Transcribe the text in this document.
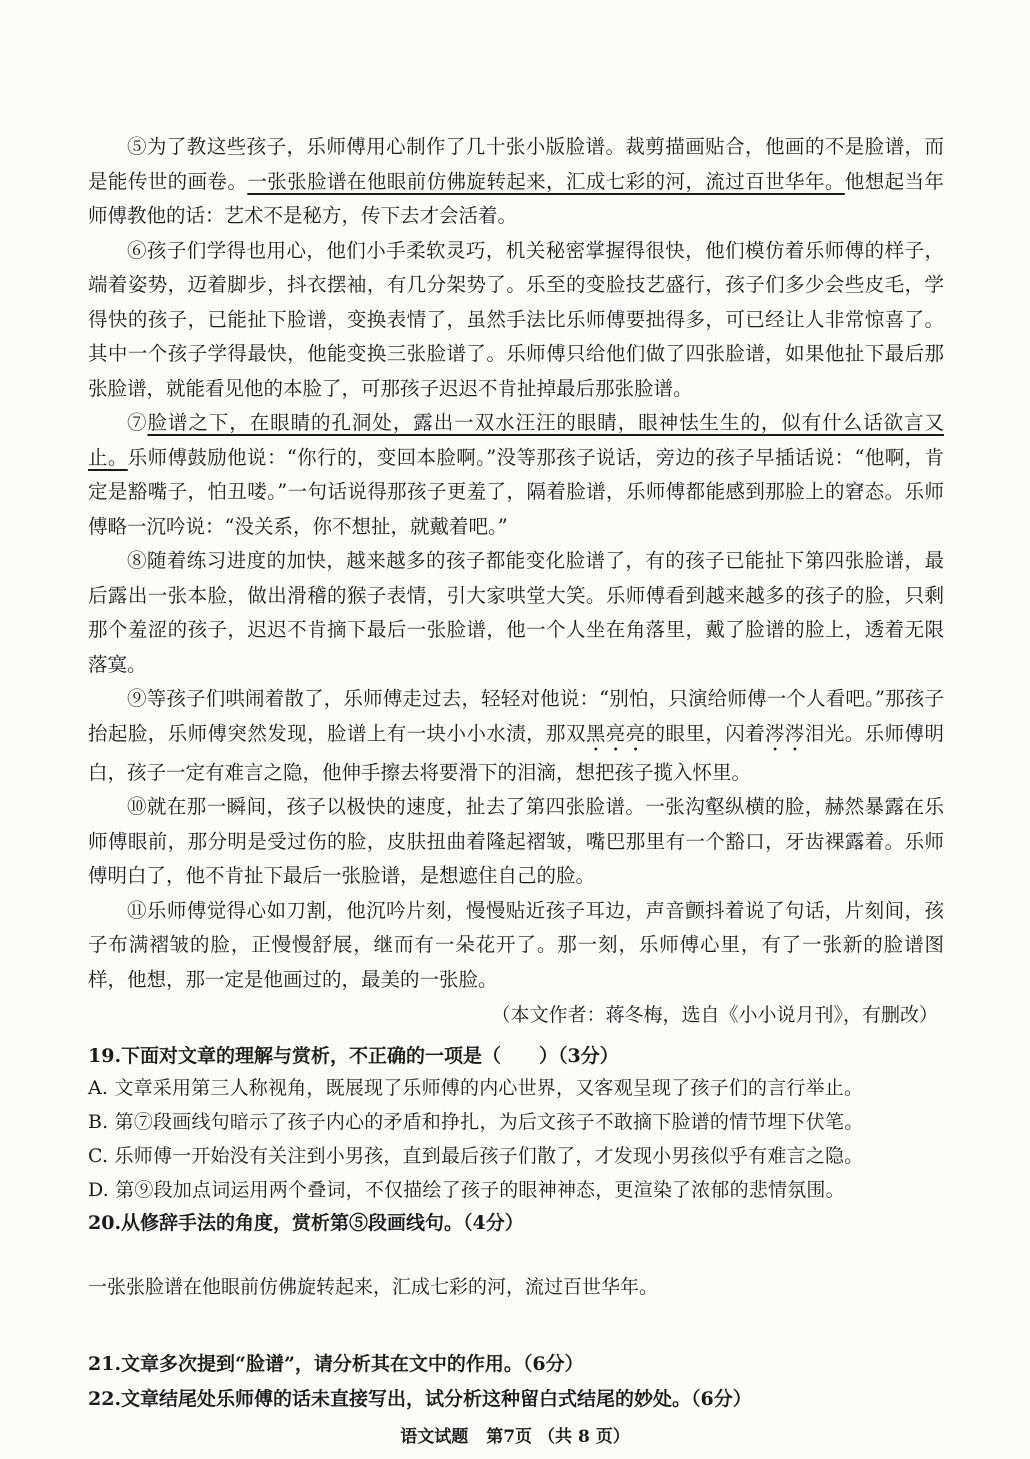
⑤为了教这些孩子，乐师傅用心制作了几十张小版脸谱。裁剪描画贴合，他画的不是脸谱，而是能传世的画卷。一张张脸谱在他眼前仿佛旋转起来，汇成七彩的河，流过百世华年。他想起当年师傅教他的话：艺术不是秘方，传下去才会活着。

⑥孩子们学得也用心，他们小手柔软灵巧，机关秘密掌握得很快，他们模仿着乐师傅的样子，端着姿势，迈着脚步，抖衣摆袖，有几分架势了。乐至的变脸技艺盛行，孩子们多少会些皮毛，学得快的孩子，已能扯下脸谱，变换表情了，虽然手法比乐师傅要拙得多，可已经让人非常惊喜了。其中一个孩子学得最快，他能变换三张脸谱了。乐师傅只给他们做了四张脸谱，如果他扯下最后那张脸谱，就能看见他的本脸了，可那孩子迟迟不肯扯掉最后那张脸谱。

⑦脸谱之下，在眼睛的孔洞处，露出一双水汪汪的眼睛，眼神怯生生的，似有什么话欲言又止。乐师傅鼓励他说：“你行的，变回本脸啊。”没等那孩子说话，旁边的孩子早插话说：“他啊，肯定是豁嘴子，怕丑喽。”一句话说得那孩子更羞了，隔着脸谱，乐师傅都能感到那脸上的窘态。乐师傅略一沉吟说：“没关系，你不想扯，就戴着吧。”

⑧随着练习进度的加快，越来越多的孩子都能变化脸谱了，有的孩子已能扯下第四张脸谱，最后露出一张本脸，做出滑稽的猴子表情，引大家哄堂大笑。乐师傅看到越来越多的孩子的脸，只剩那个羞涩的孩子，迟迟不肯摘下最后一张脸谱，他一个人坐在角落里，戴了脸谱的脸上，透着无限落寞。

⑨等孩子们哄闹着散了，乐师傅走过去，轻轻对他说：“别怕，只演给师傅一个人看吧。”那孩子抬起脸，乐师傅突然发现，脸谱上有一块小小水渍，那双黑亮亮的眼里，闪着涔涔泪光。乐师傅明白，孩子一定有难言之隐，他伸手擦去将要滑下的泪滴，想把孩子揽入怀里。

⑩就在那一瞬间，孩子以极快的速度，扯去了第四张脸谱。一张沟壑纵横的脸，赫然暴露在乐师傅眼前，那分明是受过伤的脸，皮肤扭曲着隆起褶皱，嘴巴那里有一个豁口，牙齿裸露着。乐师傅明白了，他不肯扯下最后一张脸谱，是想遮住自己的脸。

⑪乐师傅觉得心如刀割，他沉吟片刻，慢慢贴近孩子耳边，声音颤抖着说了句话，片刻间，孩子布满褶皱的脸，正慢慢舒展，继而有一朵花开了。那一刻，乐师傅心里，有了一张新的脸谱图样，他想，那一定是他画过的，最美的一张脸。

（本文作者：蒋冬梅，选自《小小说月刊》，有删改）

19.下面对文章的理解与赏析，不正确的一项是（　　）（3分）

A. 文章采用第三人称视角，既展现了乐师傅的内心世界，又客观呈现了孩子们的言行举止。

B. 第⑦段画线句暗示了孩子内心的矛盾和挣扎，为后文孩子不敢摘下脸谱的情节埋下伏笔。

C. 乐师傅一开始没有关注到小男孩，直到最后孩子们散了，才发现小男孩似乎有难言之隐。

D. 第⑨段加点词运用两个叠词，不仅描绘了孩子的眼神神态，更渲染了浓郁的悲情氛围。

20.从修辞手法的角度，赏析第⑤段画线句。（4分）

一张张脸谱在他眼前仿佛旋转起来，汇成七彩的河，流过百世华年。

21.文章多次提到“脸谱”，请分析其在文中的作用。（6分）

22.文章结尾处乐师傅的话未直接写出，试分析这种留白式结尾的妙处。（6分）

语文试题 第7页 （共 8 页）
